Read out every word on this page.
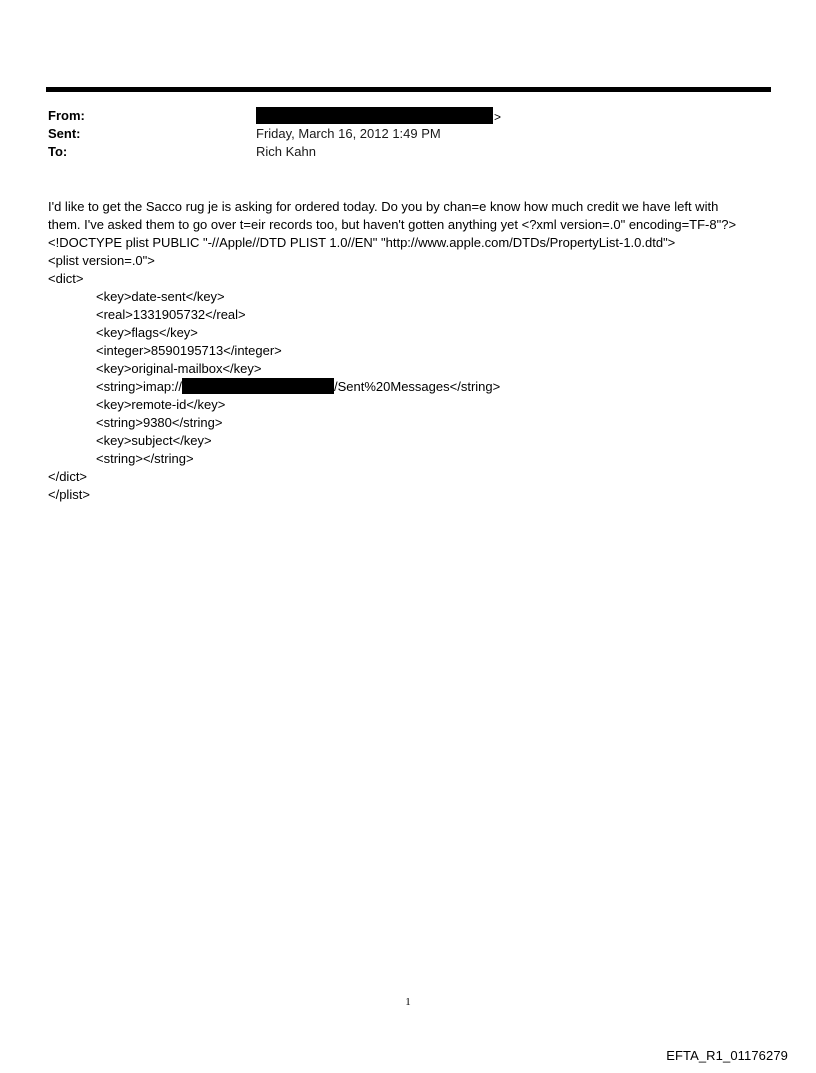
From:	>
Sent:	Friday, March 16, 2012 1:49 PM
To:	Rich Kahn
I'd like to get the Sacco rug je is asking for ordered today. Do you by chan=e know how much credit we have left with
them. I've asked them to go over t=eir records too, but haven't gotten anything yet <?xml version=.0" encoding=TF-8"?>
<!DOCTYPE plist PUBLIC "-//Apple//DTD PLIST 1.0//EN" "http://www.apple.com/DTDs/PropertyList-1.0.dtd">
<plist version=.0">
<dict>
<key>date-sent</key>
<real>1331905732</real>
<key>flags</key>
<integer>8590195713</integer>
<key>original-mailbox</key>
<string>imap://	/Sent%20Messages</string>
<key>remote-id</key>
<string>9380</string>
<key>subject</key>
<string></string>
</dict>
</plist>
1
EFTA_R1_01176279
